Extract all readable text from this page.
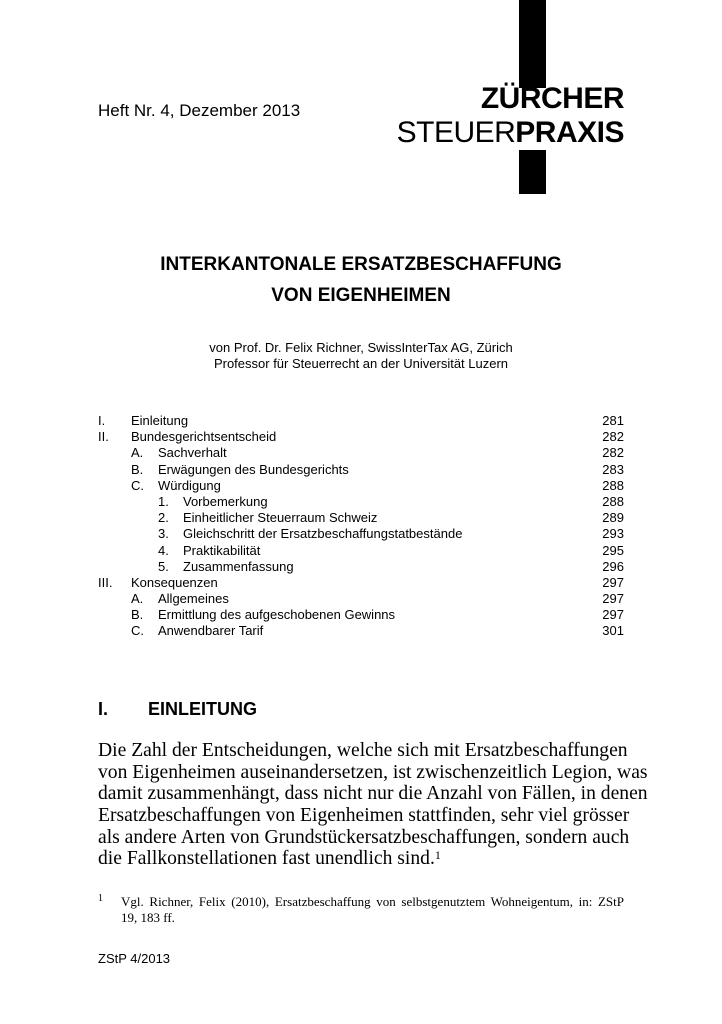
Heft Nr. 4, Dezember 2013	ZÜRCHER
STEUERPRAXIS
INTERKANTONALE ERSATZBESCHAFFUNG
VON EIGENHEIMEN
von Prof. Dr. Felix Richner, SwissInterTax AG, Zürich
Professor für Steuerrecht an der Universität Luzern
I. Einleitung	281
II. Bundesgerichtsentscheid	282
A. Sachverhalt	282
B. Erwägungen des Bundesgerichts	283
C. Würdigung	288
1. Vorbemerkung	288
2. Einheitlicher Steuerraum Schweiz	289
3. Gleichschritt der Ersatzbeschaffungstatbestände	293
4. Praktikabilität	295
5. Zusammenfassung	296
III. Konsequenzen	297
A. Allgemeines	297
B. Ermittlung des aufgeschobenen Gewinns	297
C. Anwendbarer Tarif	301
I. EINLEITUNG
Die Zahl der Entscheidungen, welche sich mit Ersatzbeschaffungen
von Eigenheimen auseinandersetzen, ist zwischenzeitlich Legion, was
damit zusammenhängt, dass nicht nur die Anzahl von Fällen, in denen
Ersatzbeschaffungen von Eigenheimen stattfinden, sehr viel grösser
als andere Arten von Grundstückersatzbeschaffungen, sondern auch
die Fallkonstellationen fast unendlich sind.$^1$
1 Vgl. Richner, Felix (2010), Ersatzbeschaffung von selbstgenutztem Wohneigentum, in: ZStP
19, 183 ff.
ZStP 4/2013
